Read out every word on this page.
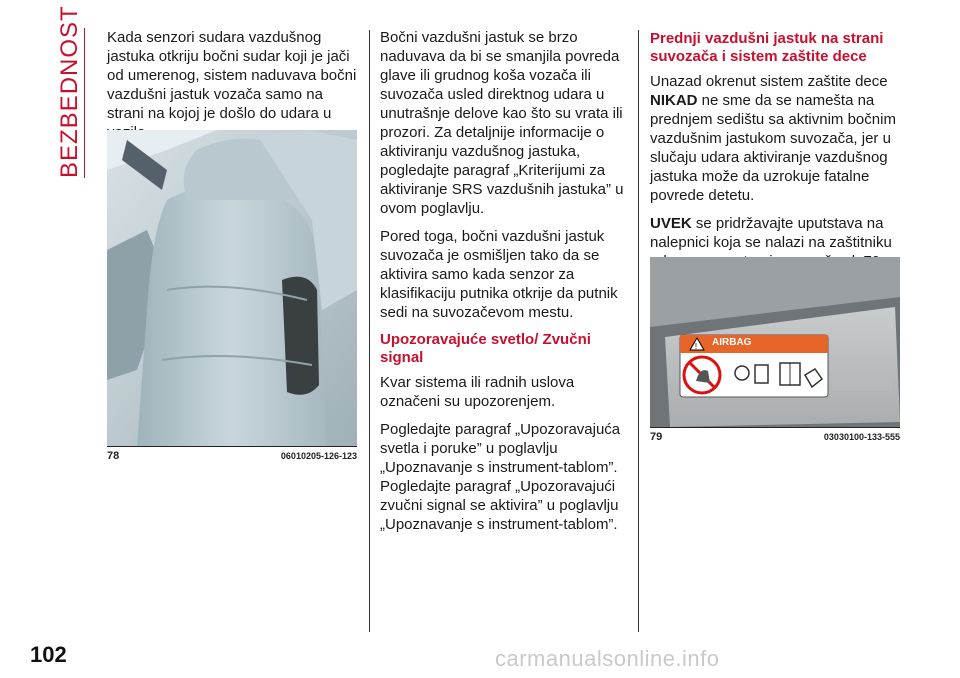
BEZBEDNOST Kada senzori sudara vazdušnog jastuka otkriju bočni sudar koji je jači od umerenog, sistem naduvava bočni vazdušni jastuk vozača samo na strani na kojoj je došlo do udara u

78	06010205-126-123

Bočni vazdušni jastuk se brzo naduvava da bi se smanjila povreda glave ili grudnog koša vozača ili suvozača usled direktnog udara u unutrašnje delove kao što su vrata ili prozori. Za detaljnije informacije o aktiviranju vazdušnog jastuka, pogledajte paragraf „Kriterijumi za aktiviranje SRS vazdušnih jastuka” u ovom poglavlju.

Pored toga, bočni vazdušni jastuk suvozača je osmišljen tako da se aktivira samo kada senzor za klasifikaciju putnika otkrije da putnik sedi na suvozačevom mestu.

Upozoravajuće svetlo/ Zvučni signal

Kvar sistema ili radnih uslova označeni su upozorenjem.

Pogledajte paragraf „Upozoravajuća svetla i poruke” u poglavlju „Upoznavanje s instrument-tablom”. Pogledajte paragraf „Upozoravajući zvučni signal se aktivira” u poglavlju „Upoznavanje s instrument-tablom”.

Prednji vazdušni jastuk na strani suvozača i sistem zaštite dece

Unazad okrenut sistem zaštite dece
NIKAD ne sme da se namešta na prednjem sedištu sa aktivnim bočnim vazdušnim jastukom suvozača, jer u slučaju udara aktiviranje vazdušnog jastuka može da uzrokuje fatalne povrede detetu.

UVEK se pridržavajte uputstava na nalepnici koja se nalazi na zaštitniku

! AIRBAG
79	03030100-133-555
102	carmanualsonline.info
